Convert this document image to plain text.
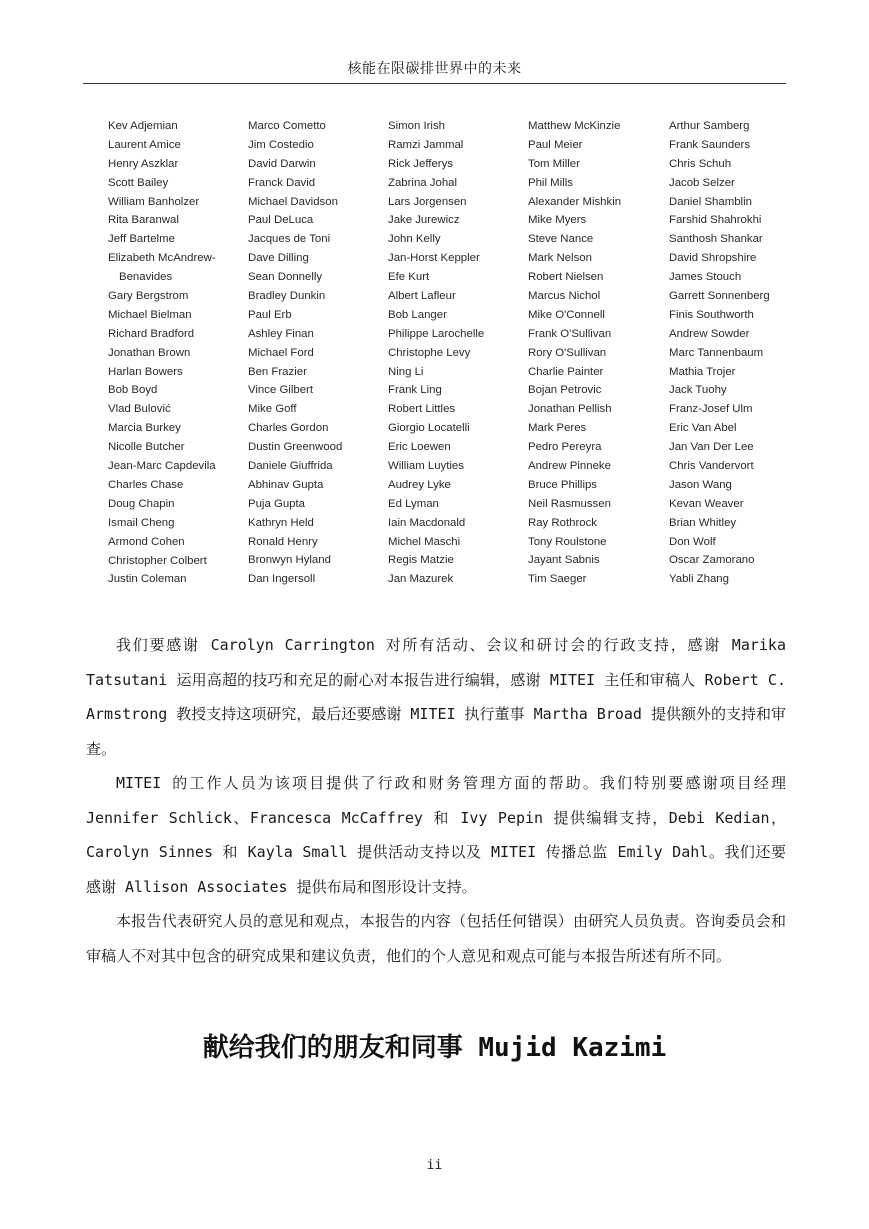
核能在限碳排世界中的未来
Kev Adjemian
Laurent Amice
Henry Aszklar
Scott Bailey
William Banholzer
Rita Baranwal
Jeff Bartelme
Elizabeth McAndrew-
Benavides
Gary Bergstrom
Michael Bielman
Richard Bradford
Jonathan Brown
Harlan Bowers
Bob Boyd
Vlad Bulović
Marcia Burkey
Nicolle Butcher
Jean-Marc Capdevila
Charles Chase
Doug Chapin
Ismail Cheng
Armond Cohen
Christopher Colbert
Justin Coleman
Marco Cometto
Jim Costedio
David Darwin
Franck David
Michael Davidson
Paul DeLuca
Jacques de Toni
Dave Dilling
Sean Donnelly
Bradley Dunkin
Paul Erb
Ashley Finan
Michael Ford
Ben Frazier
Vince Gilbert
Mike Goff
Charles Gordon
Dustin Greenwood
Daniele Giuffrida
Abhinav Gupta
Puja Gupta
Kathryn Held
Ronald Henry
Bronwyn Hyland
Dan Ingersoll
Simon Irish
Ramzi Jammal
Rick Jefferys
Zabrina Johal
Lars Jorgensen
Jake Jurewicz
John Kelly
Jan-Horst Keppler
Efe Kurt
Albert Lafleur
Bob Langer
Philippe Larochelle
Christophe Levy
Ning Li
Frank Ling
Robert Littles
Giorgio Locatelli
Eric Loewen
William Luyties
Audrey Lyke
Ed Lyman
Iain Macdonald
Michel Maschi
Regis Matzie
Jan Mazurek
Matthew McKinzie
Paul Meier
Tom Miller
Phil Mills
Alexander Mishkin
Mike Myers
Steve Nance
Mark Nelson
Robert Nielsen
Marcus Nichol
Mike O'Connell
Frank O'Sullivan
Rory O'Sullivan
Charlie Painter
Bojan Petrovic
Jonathan Pellish
Mark Peres
Pedro Pereyra
Andrew Pinneke
Bruce Phillips
Neil Rasmussen
Ray Rothrock
Tony Roulstone
Jayant Sabnis
Tim Saeger
Arthur Samberg
Frank Saunders
Chris Schuh
Jacob Selzer
Daniel Shamblin
Farshid Shahrokhi
Santhosh Shankar
David Shropshire
James Stouch
Garrett Sonnenberg
Finis Southworth
Andrew Sowder
Marc Tannenbaum
Mathia Trojer
Jack Tuohy
Franz-Josef Ulm
Eric Van Abel
Jan Van Der Lee
Chris Vandervort
Jason Wang
Kevan Weaver
Brian Whitley
Don Wolf
Oscar Zamorano
Yabli Zhang

我们要感谢 Carolyn Carrington 对所有活动、会议和研讨会的行政支持，感谢 Marika Tatsutani 运用高超的技巧和充足的耐心对本报告进行编辑，感谢 MITEI 主任和审稿人 Robert C. Armstrong 教授支持这项研究，最后还要感谢 MITEI 执行董事 Martha Broad 提供额外的支持和审查。

MITEI 的工作人员为该项目提供了行政和财务管理方面的帮助。我们特别要感谢项目经理 Jennifer Schlick、Francesca McCaffrey 和 Ivy Pepin 提供编辑支持，Debi Kedian，Carolyn Sinnes 和 Kayla Small 提供活动支持以及 MITEI 传播总监 Emily Dahl。我们还要感谢 Allison Associates 提供布局和图形设计支持。

本报告代表研究人员的意见和观点，本报告的内容（包括任何错误）由研究人员负责。咨询委员会和审稿人不对其中包含的研究成果和建议负责，他们的个人意见和观点可能与本报告所述有所不同。

献给我们的朋友和同事 Mujid Kazimi
ii
